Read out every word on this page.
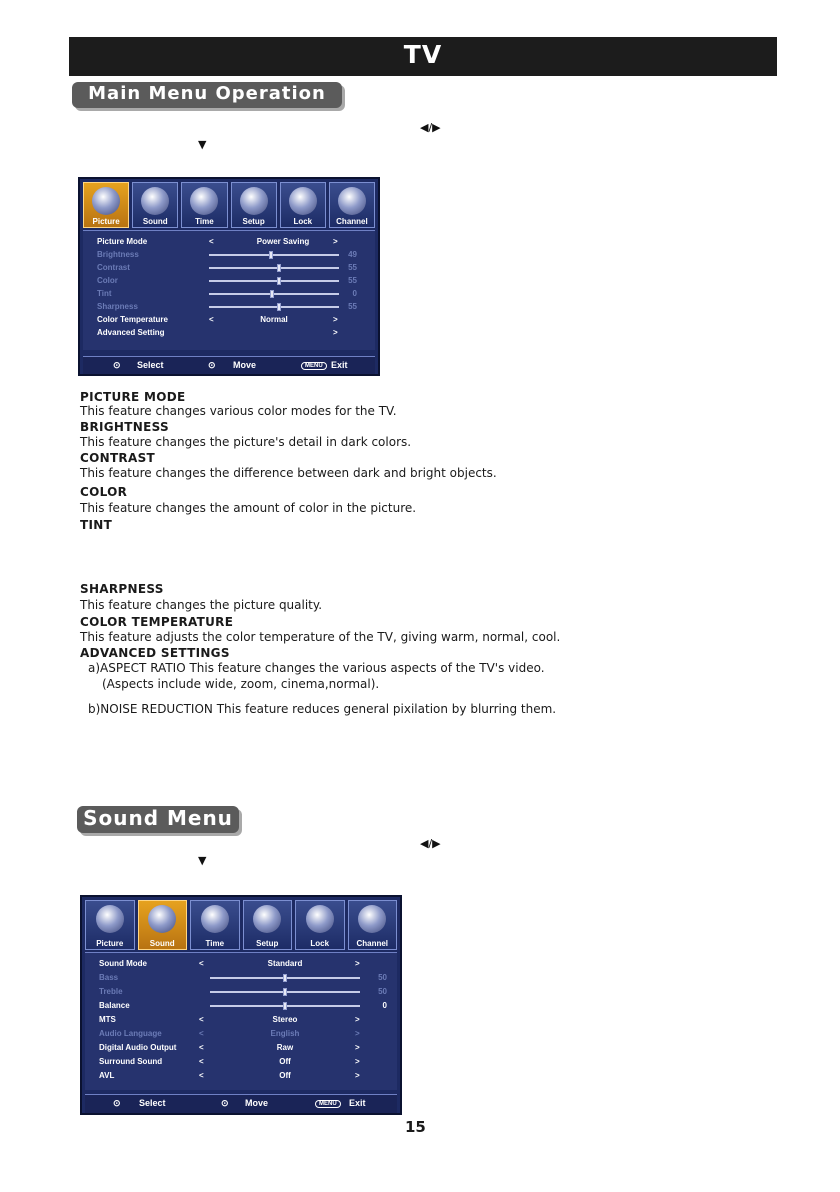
TV
Main Menu Operation
◀/▶
▼
Picture	Sound	Time	Setup	Lock	Channel
Picture Mode	<	Power Saving	>
Brightness	49
Contrast	55
Color	55
Tint	0
Sharpness	55
Color Temperature	<	Normal	>
Advanced Setting	>
⊙ Select	⊙ Move	MENU Exit
PICTURE MODE
This feature changes various color modes for the TV.
BRIGHTNESS
This feature changes the picture's detail in dark colors.
CONTRAST
This feature changes the difference between dark and bright objects.
COLOR
This feature changes the amount of color in the picture.
TINT
SHARPNESS
This feature changes the picture quality.
COLOR TEMPERATURE
This feature adjusts the color temperature of the TV, giving warm, normal, cool.
ADVANCED SETTINGS
a)ASPECT RATIO This feature changes the various aspects of the TV's video.
(Aspects include wide, zoom, cinema,normal).
b)NOISE REDUCTION This feature reduces general pixilation by blurring them.
Sound Menu
◀/▶
▼
Picture	Sound	Time	Setup	Lock	Channel
Sound Mode	<	Standard	>
Bass	50
Treble	50
Balance	0
MTS	<	Stereo	>
Audio Language	<	English	>
Digital Audio Output	<	Raw	>
Surround Sound	<	Off	>
AVL	<	Off	>
⊙ Select	⊙ Move	MENU	Exit
15
